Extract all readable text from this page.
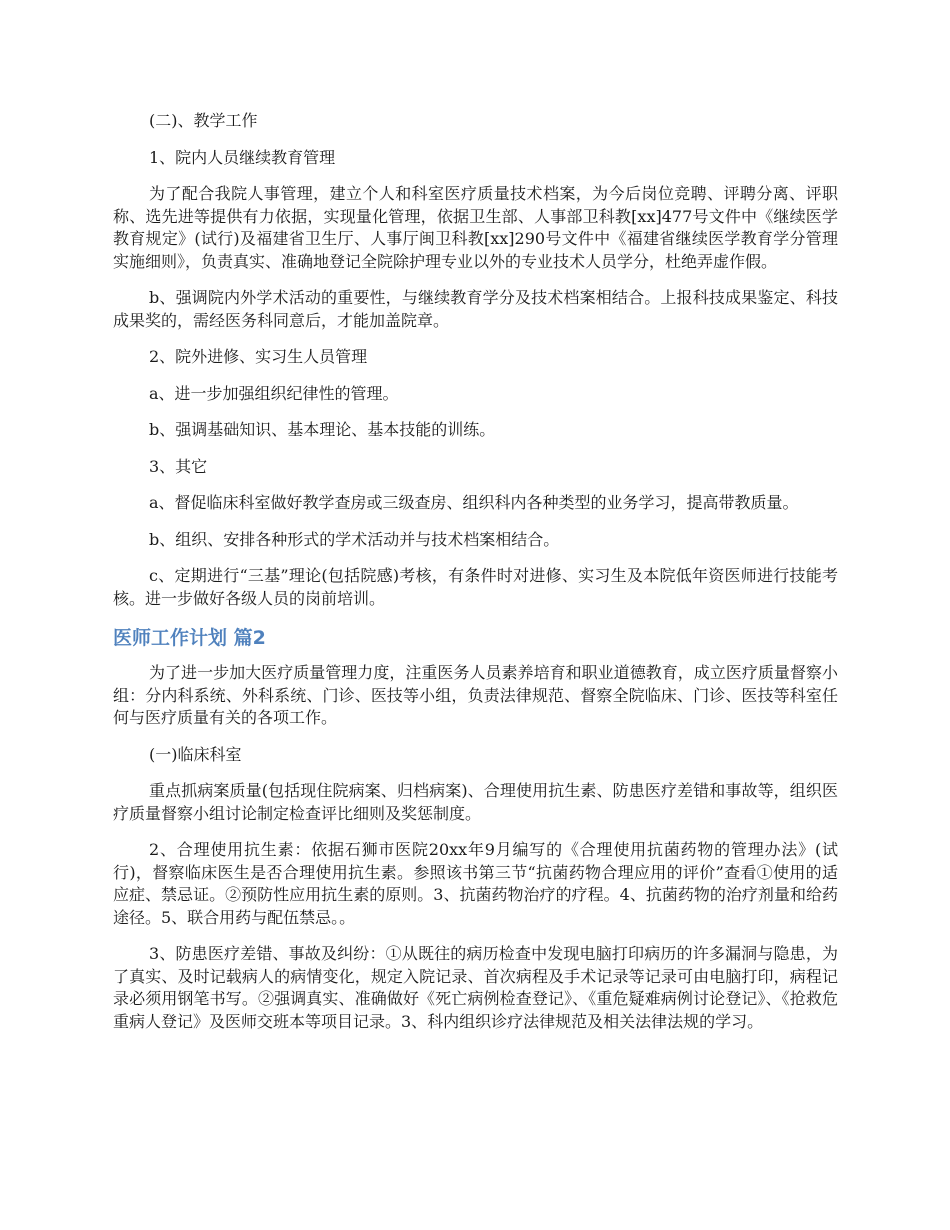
(二)、教学工作

1、院内人员继续教育管理

为了配合我院人事管理，建立个人和科室医疗质量技术档案，为今后岗位竞聘、评聘分离、评职称、选先进等提供有力依据，实现量化管理，依据卫生部、人事部卫科教[xx]477号文件中《继续医学教育规定》(试行)及福建省卫生厅、人事厅闽卫科教[xx]290号文件中《福建省继续医学教育学分管理实施细则》，负责真实、准确地登记全院除护理专业以外的专业技术人员学分，杜绝弄虚作假。

b、强调院内外学术活动的重要性，与继续教育学分及技术档案相结合。上报科技成果鉴定、科技成果奖的，需经医务科同意后，才能加盖院章。

2、院外进修、实习生人员管理

a、进一步加强组织纪律性的管理。

b、强调基础知识、基本理论、基本技能的训练。

3、其它

a、督促临床科室做好教学查房或三级查房、组织科内各种类型的业务学习，提高带教质量。

b、组织、安排各种形式的学术活动并与技术档案相结合。

c、定期进行“三基”理论(包括院感)考核，有条件时对进修、实习生及本院低年资医师进行技能考核。进一步做好各级人员的岗前培训。

医师工作计划 篇2

为了进一步加大医疗质量管理力度，注重医务人员素养培育和职业道德教育，成立医疗质量督察小组：分内科系统、外科系统、门诊、医技等小组，负责法律规范、督察全院临床、门诊、医技等科室任何与医疗质量有关的各项工作。

(一)临床科室

重点抓病案质量(包括现住院病案、归档病案)、合理使用抗生素、防患医疗差错和事故等，组织医疗质量督察小组讨论制定检查评比细则及奖惩制度。

2、合理使用抗生素：依据石狮市医院20xx年9月编写的《合理使用抗菌药物的管理办法》(试行)，督察临床医生是否合理使用抗生素。参照该书第三节“抗菌药物合理应用的评价”查看①使用的适应症、禁忌证。②预防性应用抗生素的原则。3、抗菌药物治疗的疗程。4、抗菌药物的治疗剂量和给药途径。5、联合用药与配伍禁忌。。

3、防患医疗差错、事故及纠纷：①从既往的病历检查中发现电脑打印病历的许多漏洞与隐患，为了真实、及时记载病人的病情变化，规定入院记录、首次病程及手术记录等记录可由电脑打印，病程记录必须用钢笔书写。②强调真实、准确做好《死亡病例检查登记》、《重危疑难病例讨论登记》、《抢救危重病人登记》及医师交班本等项目记录。3、科内组织诊疗法律规范及相关法律法规的学习。
